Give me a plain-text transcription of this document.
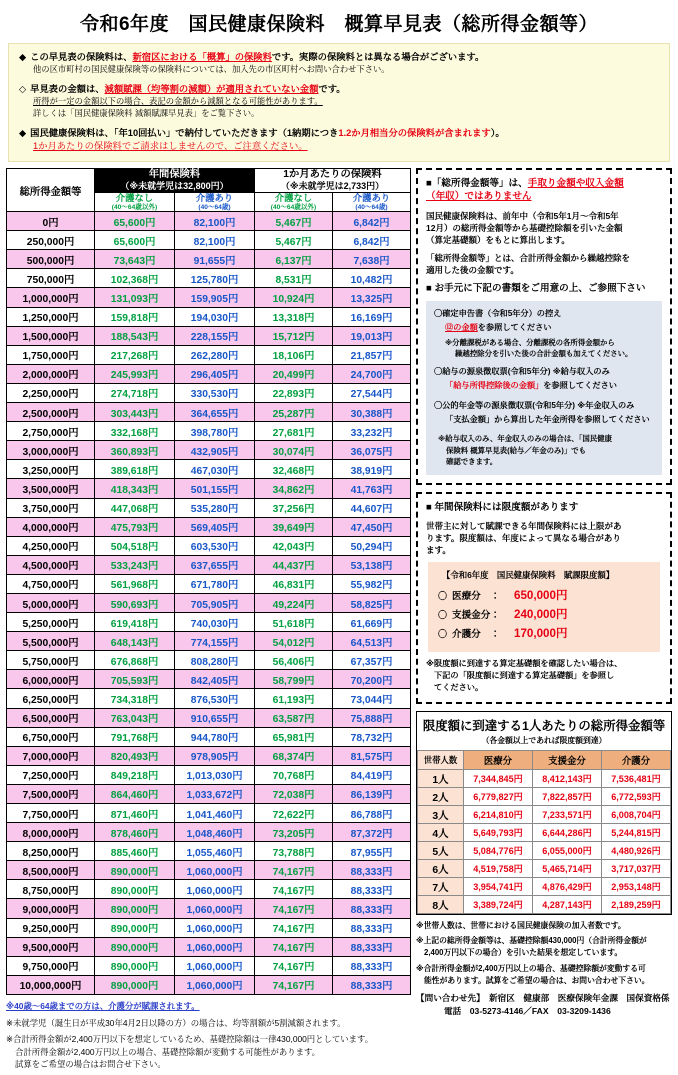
令和6年度　国民健康保険料　概算早見表（総所得金額等）
◆ この早見表の保険料は、新宿区における「概算」の保険料です。実際の保険料とは異なる場合がございます。
他の区市町村の国民健康保険等の保険料については、加入先の市区町村へお問い合わせ下さい。
◇ 早見表の金額は、減額賦課（均等割の減額）が適用されていない金額です。
所得が一定の金額以下の場合、表記の金額から減額となる可能性があります。
詳しくは「国民健康保険料 減額賦課早見表」をご覧下さい。
◆ 国民健康保険料は、「年10回払い」で納付していただきます（1納期につき1.2か月相当分の保険料が含まれます）。
1か月あたりの保険料でご請求はしませんので、ご注意ください。
総所得金額等	年間保険料
（※未就学児は32,800円）		1か月あたりの保険料
（※未就学児は2,733円）	

	介護なし
(40～64歳以外)	介護あり
(40～64歳)	介護なし
(40～64歳以外)	介護あり
(40～64歳)

0円	65,600円	82,100円	5,467円	6,842円
250,000円	65,600円	82,100円	5,467円	6,842円
500,000円	73,643円	91,655円	6,137円	7,638円
750,000円	102,368円	125,780円	8,531円	10,482円
1,000,000円	131,093円	159,905円	10,924円	13,325円
1,250,000円	159,818円	194,030円	13,318円	16,169円
1,500,000円	188,543円	228,155円	15,712円	19,013円
1,750,000円	217,268円	262,280円	18,106円	21,857円
2,000,000円	245,993円	296,405円	20,499円	24,700円
2,250,000円	274,718円	330,530円	22,893円	27,544円
2,500,000円	303,443円	364,655円	25,287円	30,388円
2,750,000円	332,168円	398,780円	27,681円	33,232円
3,000,000円	360,893円	432,905円	30,074円	36,075円
3,250,000円	389,618円	467,030円	32,468円	38,919円
3,500,000円	418,343円	501,155円	34,862円	41,763円
3,750,000円	447,068円	535,280円	37,256円	44,607円
4,000,000円	475,793円	569,405円	39,649円	47,450円
4,250,000円	504,518円	603,530円	42,043円	50,294円
4,500,000円	533,243円	637,655円	44,437円	53,138円
4,750,000円	561,968円	671,780円	46,831円	55,982円
5,000,000円	590,693円	705,905円	49,224円	58,825円
5,250,000円	619,418円	740,030円	51,618円	61,669円
5,500,000円	648,143円	774,155円	54,012円	64,513円
5,750,000円	676,868円	808,280円	56,406円	67,357円
6,000,000円	705,593円	842,405円	58,799円	70,200円
6,250,000円	734,318円	876,530円	61,193円	73,044円
6,500,000円	763,043円	910,655円	63,587円	75,888円
6,750,000円	791,768円	944,780円	65,981円	78,732円
7,000,000円	820,493円	978,905円	68,374円	81,575円
7,250,000円	849,218円	1,013,030円	70,768円	84,419円
7,500,000円	864,460円	1,033,672円	72,038円	86,139円
7,750,000円	871,460円	1,041,460円	72,622円	86,788円
8,000,000円	878,460円	1,048,460円	73,205円	87,372円
8,250,000円	885,460円	1,055,460円	73,788円	87,955円
8,500,000円	890,000円	1,060,000円	74,167円	88,333円
8,750,000円	890,000円	1,060,000円	74,167円	88,333円
9,000,000円	890,000円	1,060,000円	74,167円	88,333円
9,250,000円	890,000円	1,060,000円	74,167円	88,333円
9,500,000円	890,000円	1,060,000円	74,167円	88,333円
9,750,000円	890,000円	1,060,000円	74,167円	88,333円
10,000,000円	890,000円	1,060,000円	74,167円	88,333円
※40歳～64歳までの方は、介護分が賦課されます。
※未就学児（誕生日が平成30年4月2日以降の方）の場合は、均等割額が5割減額されます。
※合計所得金額が2,400万円以下を想定しているため、基礎控除額は一律430,000円としています。
合計所得金額が2,400万円以上の場合、基礎控除額が変動する可能性があります。
試算をご希望の場合はお問合せ下さい。
■「総所得金額等」は、手取り金額や収入金額
（年収）ではありません
国民健康保険料は、前年中（令和5年1月～令和5年
12月）の総所得金額等から基礎控除額を引いた金額
（算定基礎額）をもとに算出します。
「総所得金額等」とは、合計所得金額から繰越控除を
適用した後の金額です。
■ お手元に下記の書類をご用意の上、ご参照下さい
〇確定申告書（令和5年分）の控え
⑫の金額を参照してください
※分離課税がある場合、分離課税の各所得金額から
繰越控除分を引いた後の合計金額も加えてください。
〇給与の源泉徴収票(令和5年分) ※給与収入のみ
「給与所得控除後の金額」を参照してください
〇公的年金等の源泉徴収票(令和5年分) ※年金収入のみ
「支払金額」から算出した年金所得を参照してください
※給与収入のみ、年金収入のみの場合は、「国民健康
保険料 概算早見表(給与／年金のみ)」でも
確認できます。
■ 年間保険料には限度額があります
世帯主に対して賦課できる年間保険料には上限があ
ります。限度額は、年度によって異なる場合があり
ます。
【令和6年度　国民健康保険料　賦課限度額】
〇 医療分　：	650,000円
〇 支援金分：	240,000円
〇 介護分　：	170,000円
※限度額に到達する算定基礎額を確認したい場合は、
下記の「限度額に到達する算定基礎額」を参照し
てください。
限度額に到達する1人あたりの総所得金額等
（各金額以上であれば限度額到達）
世帯人数	医療分	支援金分	介護分
1人	7,344,845円	8,412,143円	7,536,481円
2人	6,779,827円	7,822,857円	6,772,593円
3人	6,214,810円	7,233,571円	6,008,704円
4人	5,649,793円	6,644,286円	5,244,815円
5人	5,084,776円	6,055,000円	4,480,926円
6人	4,519,758円	5,465,714円	3,717,037円
7人	3,954,741円	4,876,429円	2,953,148円
8人	3,389,724円	4,287,143円	2,189,259円
※世帯人数は、世帯における国民健康保険の加入者数です。
※上記の総所得金額等は、基礎控除額430,000円（合計所得金額が
2,400万円以下の場合）を引いた結果を想定しています。
※合計所得金額が2,400万円以上の場合、基礎控除額が変動する可
能性があります。試算をご希望の場合は、お問い合わせ下さい。
【問い合わせ先】　新宿区　健康部　医療保険年金課　国保資格係
電話　03-5273-4146／FAX　03-3209-1436
